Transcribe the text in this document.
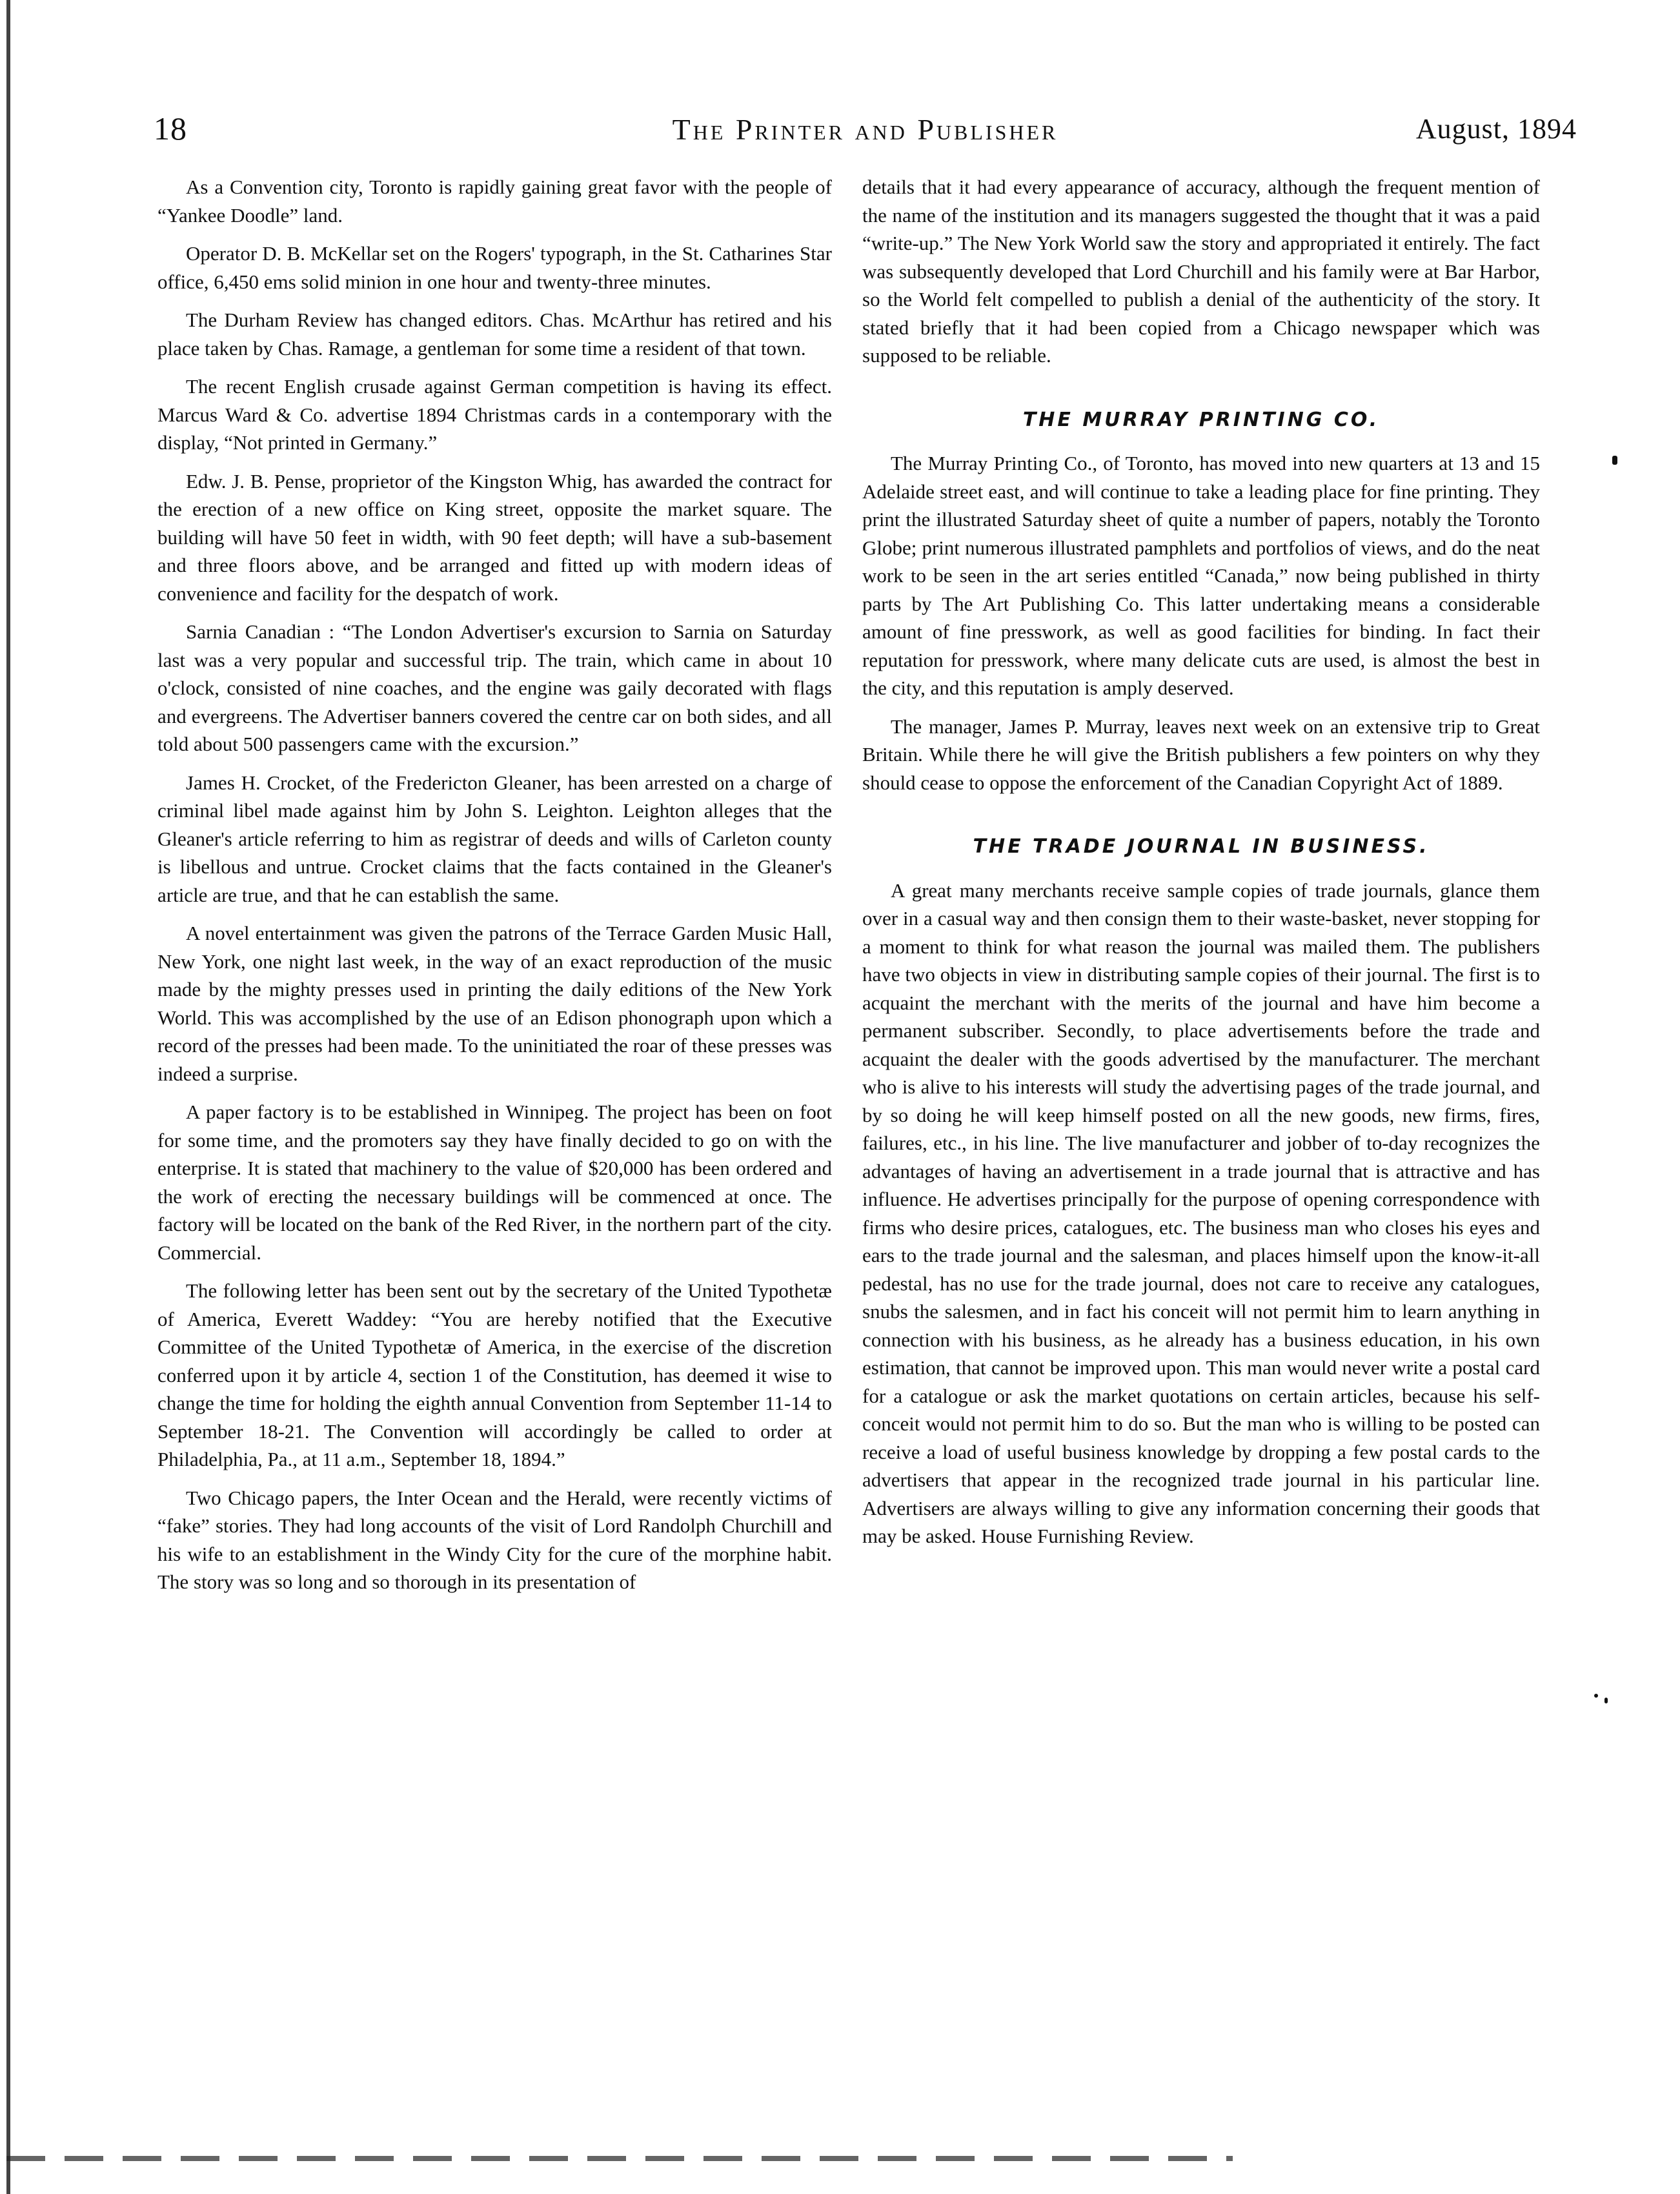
18	The Printer and Publisher	August, 1894

As a Convention city, Toronto is rapidly gaining great favor with the people of “Yankee Doodle” land.

Operator D. B. McKellar set on the Rogers' typograph, in the St. Catharines Star office, 6,450 ems solid minion in one hour and twenty-three minutes.

The Durham Review has changed editors. Chas. McArthur has retired and his place taken by Chas. Ramage, a gentleman for some time a resident of that town.

The recent English crusade against German competition is having its effect. Marcus Ward & Co. advertise 1894 Christmas cards in a contemporary with the display, “Not printed in Germany.”

Edw. J. B. Pense, proprietor of the Kingston Whig, has awarded the contract for the erection of a new office on King street, opposite the market square. The building will have 50 feet in width, with 90 feet depth; will have a sub-basement and three floors above, and be arranged and fitted up with modern ideas of convenience and facility for the despatch of work.

Sarnia Canadian : “The London Advertiser's excursion to Sarnia on Saturday last was a very popular and successful trip. The train, which came in about 10 o'clock, consisted of nine coaches, and the engine was gaily decorated with flags and evergreens. The Advertiser banners covered the centre car on both sides, and all told about 500 passengers came with the excursion.”

James H. Crocket, of the Fredericton Gleaner, has been arrested on a charge of criminal libel made against him by John S. Leighton. Leighton alleges that the Gleaner's article referring to him as registrar of deeds and wills of Carleton county is libellous and untrue. Crocket claims that the facts contained in the Gleaner's article are true, and that he can establish the same.

A novel entertainment was given the patrons of the Terrace Garden Music Hall, New York, one night last week, in the way of an exact reproduction of the music made by the mighty presses used in printing the daily editions of the New York World. This was accomplished by the use of an Edison phonograph upon which a record of the presses had been made. To the uninitiated the roar of these presses was indeed a surprise.

A paper factory is to be established in Winnipeg. The project has been on foot for some time, and the promoters say they have finally decided to go on with the enterprise. It is stated that machinery to the value of $20,000 has been ordered and the work of erecting the necessary buildings will be commenced at once. The factory will be located on the bank of the Red River, in the northern part of the city. Commercial.

The following letter has been sent out by the secretary of the United Typothetæ of America, Everett Waddey: “You are hereby notified that the Executive Committee of the United Typothetæ of America, in the exercise of the discretion conferred upon it by article 4, section 1 of the Constitution, has deemed it wise to change the time for holding the eighth annual Convention from September 11-14 to September 18-21. The Convention will accordingly be called to order at Philadelphia, Pa., at 11 a.m., September 18, 1894.”

Two Chicago papers, the Inter Ocean and the Herald, were recently victims of “fake” stories. They had long accounts of the visit of Lord Randolph Churchill and his wife to an establishment in the Windy City for the cure of the morphine habit. The story was so long and so thorough in its presentation of

details that it had every appearance of accuracy, although the frequent mention of the name of the institution and its managers suggested the thought that it was a paid “write-up.” The New York World saw the story and appropriated it entirely. The fact was subsequently developed that Lord Churchill and his family were at Bar Harbor, so the World felt compelled to publish a denial of the authenticity of the story. It stated briefly that it had been copied from a Chicago newspaper which was supposed to be reliable.

THE MURRAY PRINTING CO.

The Murray Printing Co., of Toronto, has moved into new quarters at 13 and 15 Adelaide street east, and will continue to take a leading place for fine printing. They print the illustrated Saturday sheet of quite a number of papers, notably the Toronto Globe; print numerous illustrated pamphlets and portfolios of views, and do the neat work to be seen in the art series entitled “Canada,” now being published in thirty parts by The Art Publishing Co. This latter undertaking means a considerable amount of fine presswork, as well as good facilities for binding. In fact their reputation for presswork, where many delicate cuts are used, is almost the best in the city, and this reputation is amply deserved.

The manager, James P. Murray, leaves next week on an extensive trip to Great Britain. While there he will give the British publishers a few pointers on why they should cease to oppose the enforcement of the Canadian Copyright Act of 1889.

THE TRADE JOURNAL IN BUSINESS.

A great many merchants receive sample copies of trade journals, glance them over in a casual way and then consign them to their waste-basket, never stopping for a moment to think for what reason the journal was mailed them. The publishers have two objects in view in distributing sample copies of their journal. The first is to acquaint the merchant with the merits of the journal and have him become a permanent subscriber. Secondly, to place advertisements before the trade and acquaint the dealer with the goods advertised by the manufacturer. The merchant who is alive to his interests will study the advertising pages of the trade journal, and by so doing he will keep himself posted on all the new goods, new firms, fires, failures, etc., in his line. The live manufacturer and jobber of to-day recognizes the advantages of having an advertisement in a trade journal that is attractive and has influence. He advertises principally for the purpose of opening correspondence with firms who desire prices, catalogues, etc. The business man who closes his eyes and ears to the trade journal and the salesman, and places himself upon the know-it-all pedestal, has no use for the trade journal, does not care to receive any catalogues, snubs the salesmen, and in fact his conceit will not permit him to learn anything in connection with his business, as he already has a business education, in his own estimation, that cannot be improved upon. This man would never write a postal card for a catalogue or ask the market quotations on certain articles, because his self-conceit would not permit him to do so. But the man who is willing to be posted can receive a load of useful business knowledge by dropping a few postal cards to the advertisers that appear in the recognized trade journal in his particular line. Advertisers are always willing to give any information concerning their goods that may be asked. House Furnishing Review.
